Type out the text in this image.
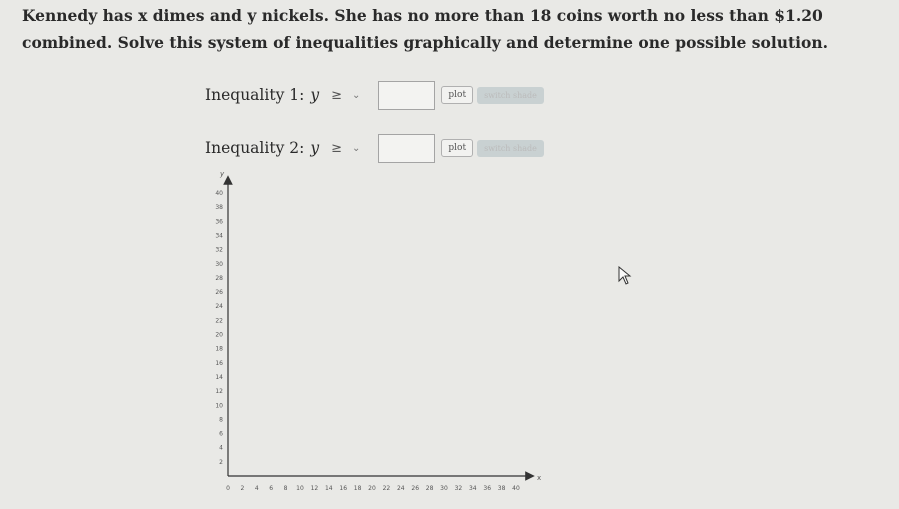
Kennedy has x dimes and y nickels. She has no more than 18 coins worth no less than $1.20 combined. Solve this system of inequalities graphically and determine one possible solution.
Inequality 1: y ≥ ⌄	plot	switch shade
Inequality 2: y ≥ ⌄	plot	switch shade
x
y
0 2 4 6 8 10 12 14 16 18 20 22 24 26 28 30 32 34 36 38 40
2
4
6
8
10
12
14
16
18
20
22
24
26
28
30
32
34
36
38
40
